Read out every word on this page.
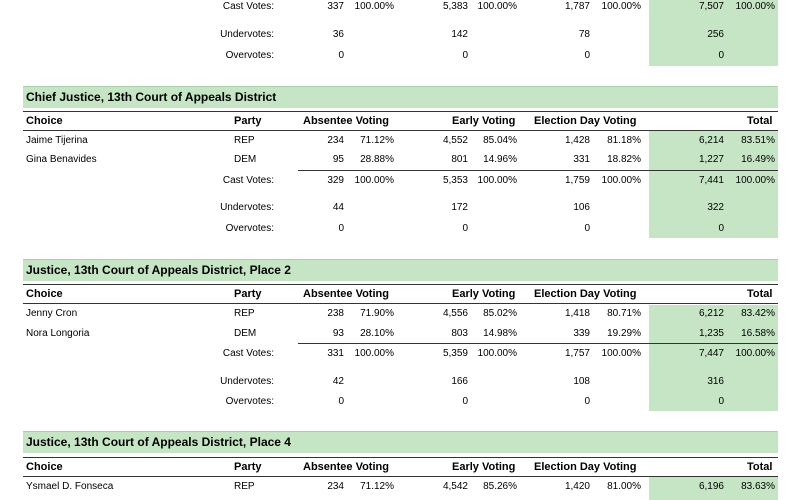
Cast Votes:	337	100.00%	5,383 100.00%	1,787	100.00%	7,507	100.00%
Undervotes:	36	142	78	256
Overvotes:	0	0	0	0
Chief Justice, 13th Court of Appeals District
Choice	Party	Absentee Voting	Early Voting Election Day Voting	Total
Jaime Tijerina	REP	234	71.12%	4,552	85.04%	1,428	81.18%	6,214	83.51%
Gina Benavides	DEM	95	28.88%	801	14.96%	331	18.82%	1,227	16.49%
Cast Votes:	329	100.00%	5,353 100.00%	1,759	100.00%	7,441	100.00%
Undervotes:	44	172	106	322
Overvotes:	0	0	0	0
Justice, 13th Court of Appeals District, Place 2
Choice	Party	Absentee Voting	Early Voting Election Day Voting	Total
Jenny Cron	REP	238	71.90%	4,556	85.02%	1,418	80.71%	6,212	83.42%
Nora Longoria	DEM	93	28.10%	803	14.98%	339	19.29%	1,235	16.58%
Cast Votes:	331	100.00%	5,359 100.00%	1,757	100.00%	7,447	100.00%
Undervotes:	42	166	108	316
Overvotes:	0	0	0	0
Justice, 13th Court of Appeals District, Place 4
Choice	Party	Absentee Voting	Early Voting Election Day Voting	Total
Ysmael D. Fonseca	REP	234	71.12%	4,542	85.26%	1,420	81.00%	6,196	83.63%
